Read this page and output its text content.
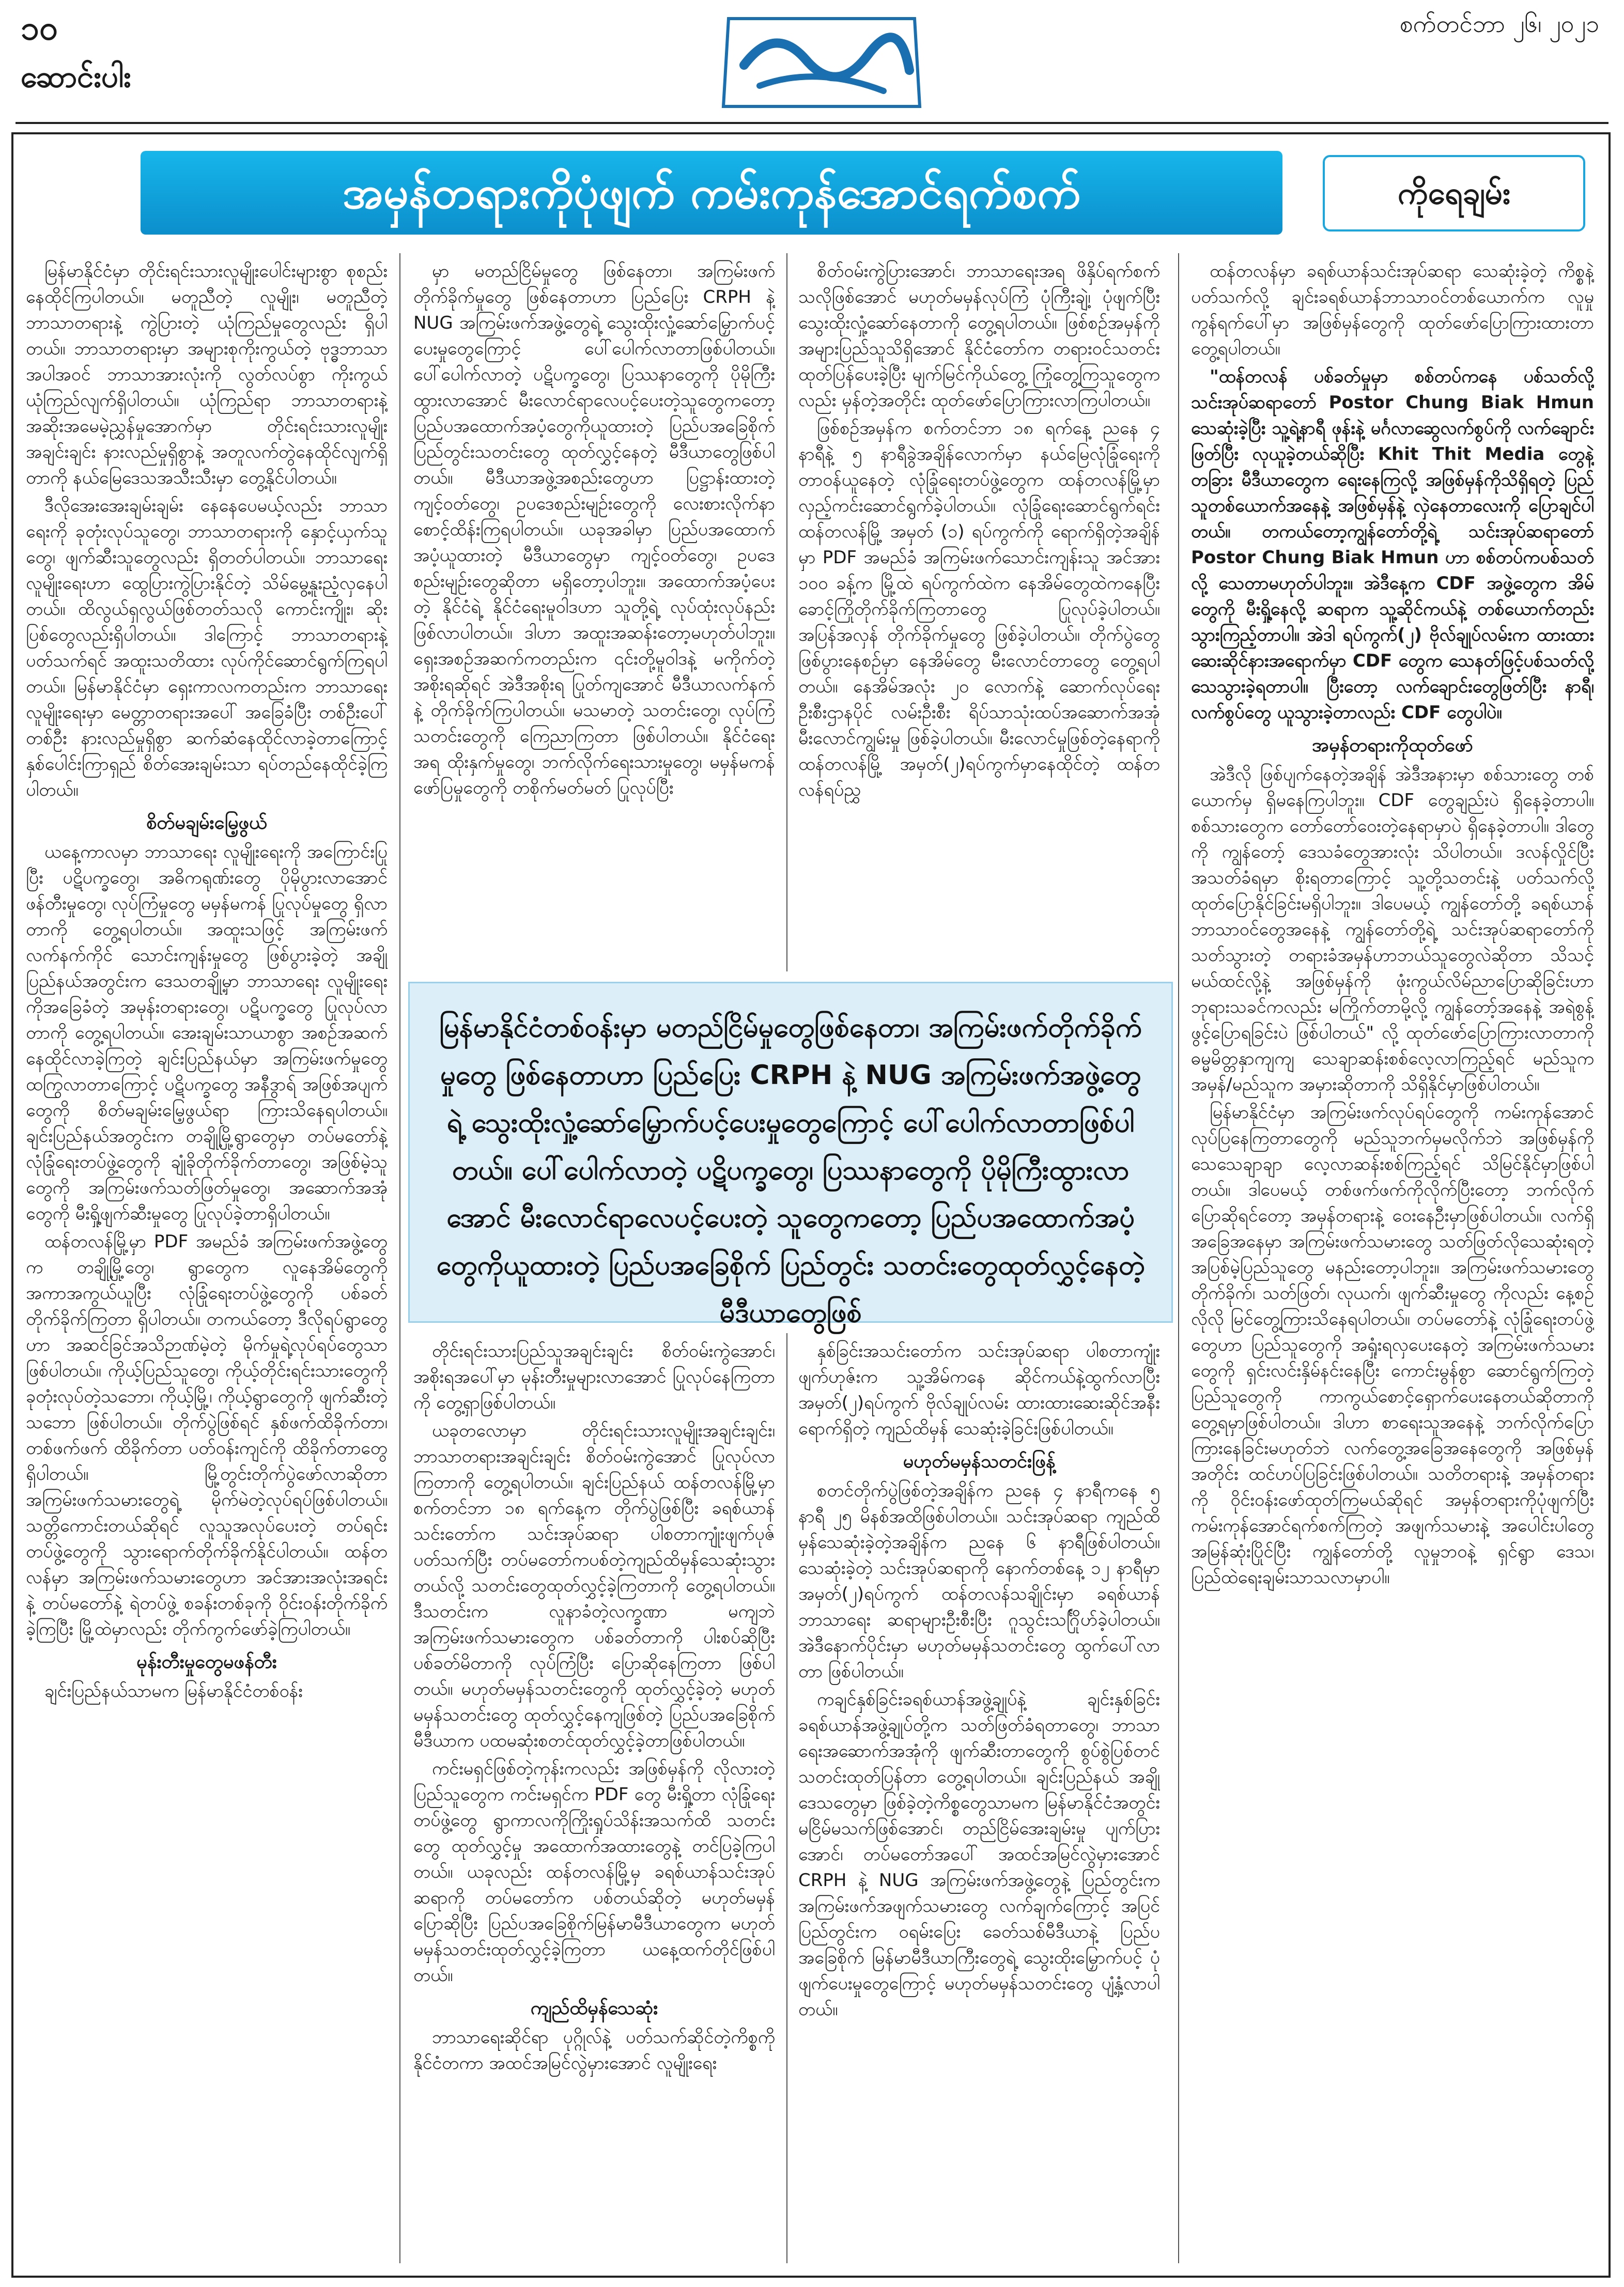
၁၀
ဆောင်းပါး
စက်တင်ဘာ ၂၆၊ ၂၀၂၁
အမှန်တရားကိုပုံဖျက် ကမ်းကုန်အောင်ရက်စက်	ကိုရေချမ်း

မြန်မာနိုင်ငံမှာ တိုင်းရင်းသားလူမျိုးပေါင်းများစွာ စုစည်းနေထိုင်ကြပါတယ်။ မတူညီတဲ့ လူမျိုး၊ မတူညီတဲ့ ဘာသာတရားနဲ့ ကွဲပြားတဲ့ ယုံကြည်မှုတွေလည်း ရှိပါတယ်။ ဘာသာတရားမှာ အများစုကိုးကွယ်တဲ့ ဗုဒ္ဓဘာသာအပါအဝင် ဘာသာအားလုံးကို လွတ်လပ်စွာ ကိုးကွယ်ယုံကြည်လျက်ရှိပါတယ်။ ယုံကြည်ရာ ဘာသာတရားနဲ့ အဆိုးအမေမဲ့ညွှန်မှုအောက်မှာ တိုင်းရင်းသားလူမျိုးအချင်းချင်း နားလည်မှုရှိစွာနဲ့ အတူလက်တွဲနေထိုင်လျက်ရှိတာကို နယ်မြေဒေသအသီးသီးမှာ တွေ့နိုင်ပါတယ်။

ဒီလိုအေးအေးချမ်းချမ်း နေနေပေမယ့်လည်း ဘာသာရေးကို ခုတုံးလုပ်သူတွေ၊ ဘာသာတရားကို နှောင့်ယှက်သူတွေ၊ ဖျက်ဆီးသူတွေလည်း ရှိတတ်ပါတယ်။ ဘာသာရေး လူမျိုးရေးဟာ ထွေပြားကွဲပြားနိုင်တဲ့ သိမ်မွေ့နူးညံ့လှနေပါတယ်။ ထိလွယ်ရှလွယ်ဖြစ်တတ်သလို ကောင်းကျိုး၊ ဆိုးပြစ်တွေလည်းရှိပါတယ်။ ဒါကြောင့် ဘာသာတရားနဲ့ ပတ်သက်ရင် အထူးသတိထား လုပ်ကိုင်ဆောင်ရွက်ကြရပါတယ်။ မြန်မာနိုင်ငံမှာ ရှေးကာလကတည်းက ဘာသာရေး လူမျိုးရေးမှာ မေတ္တာတရားအပေါ် အခြေခံပြီး တစ်ဦးပေါ်တစ်ဦး နားလည်မှုရှိစွာ ဆက်ဆံနေထိုင်လာခဲ့တာကြောင့် နှစ်ပေါင်းကြာရှည် စိတ်အေးချမ်းသာ ရပ်တည်နေထိုင်ခဲ့ကြပါတယ်။

စိတ်မချမ်းမြေ့ဖွယ်

ယနေ့ကာလမှာ ဘာသာရေး လူမျိုးရေးကို အကြောင်းပြုပြီး ပဋိပက္ခတွေ၊ အဓိကရုဏ်းတွေ ပိုမိုပွားလာအောင် ဖန်တီးမှုတွေ၊ လုပ်ကြံမှုတွေ မမှန်မကန် ပြုလုပ်မှုတွေ ရှိလာတာကို တွေ့ရပါတယ်။ အထူးသဖြင့် အကြမ်းဖက်လက်နက်ကိုင် သောင်းကျန်းမှုတွေ ဖြစ်ပွားခဲ့တဲ့ အချို့ပြည်နယ်အတွင်းက ဒေသတချို့မှာ ဘာသာရေး လူမျိုးရေးကိုအခြေခံတဲ့ အမုန်းတရားတွေ၊ ပဋိပက္ခတွေ ပြုလုပ်လာတာကို တွေ့ရပါတယ်။ အေးချမ်းသာယာစွာ အစဉ်အဆက် နေထိုင်လာခဲ့ကြတဲ့ ချင်းပြည်နယ်မှာ အကြမ်းဖက်မှုတွေ ထကြွလာတာကြောင့် ပဋိပက္ခတွေ အနီဒွာရ် အဖြစ်အပျက်တွေကို စိတ်မချမ်းမြေ့ဖွယ်ရာ ကြားသိနေရပါတယ်။ ချင်းပြည်နယ်အတွင်းက တချို့မြို့ရွာတွေမှာ တပ်မတော်နဲ့ လုံခြုံရေးတပ်ဖွဲ့တွေကို ချုံခိုတိုက်ခိုက်တာတွေ၊ အဖြစ်မဲ့သူတွေကို အကြမ်းဖက်သတ်ဖြတ်မှုတွေ၊ အဆောက်အအုံတွေကို မီးရှို့ဖျက်ဆီးမှုတွေ ပြုလုပ်ခဲ့တာရှိပါတယ်။

ထန်တလန်မြို့မှာ PDF အမည်ခံ အကြမ်းဖက်အဖွဲ့တွေက တချို့မြို့တွေ၊ ရွာတွေက လူနေအိမ်တွေကို အကာအကွယ်ယူပြီး လုံခြုံရေးတပ်ဖွဲ့တွေကို ပစ်ခတ်တိုက်ခိုက်ကြတာ ရှိပါတယ်။ တကယ်တော့ ဒီလိုရပ်ရွာတွေဟာ အဆင်ခြင်အသိဉာဏ်မဲ့တဲ့ မိုက်မှုရဲ့လုပ်ရပ်တွေသာ ဖြစ်ပါတယ်။ ကိုယ့်ပြည်သူတွေ၊ ကိုယ့်တိုင်းရင်းသားတွေကို ခုတုံးလုပ်တဲ့သဘော၊ ကိုယ့်မြို့၊ ကိုယ့်ရွာတွေကို ဖျက်ဆီးတဲ့သဘော ဖြစ်ပါတယ်။ တိုက်ပွဲဖြစ်ရင် နှစ်ဖက်ထိခိုက်တာ၊ တစ်ဖက်ဖက် ထိခိုက်တာ ပတ်ဝန်းကျင်ကို ထိခိုက်တာတွေ ရှိပါတယ်။ မြို့တွင်းတိုက်ပွဲဖော်လာဆိုတာ အကြမ်းဖက်သမားတွေရဲ့ မိုက်မဲတဲ့လုပ်ရပ်ဖြစ်ပါတယ်။ သတ္တိကောင်းတယ်ဆိုရင် လူသူအလုပ်ပေးတဲ့ တပ်ရင်းတပ်ဖွဲ့တွေကို သွားရောက်တိုက်ခိုက်နိုင်ပါတယ်။ ထန်တလန်မှာ အကြမ်းဖက်သမားတွေဟာ အင်အားအလုံးအရင်းနဲ့ တပ်မတော်နဲ့ ရဲတပ်ဖွဲ့ စခန်းတစ်ခုကို ဝိုင်းဝန်းတိုက်ခိုက်ခဲ့ကြပြီး မြို့ထဲမှာလည်း တိုက်ကွက်ဖော်ခဲ့ကြပါတယ်။

မုန်းတီးမှုတွေမဖန်တီး

ချင်းပြည်နယ်သာမက မြန်မာနိုင်ငံတစ်ဝန်း

မှာ မတည်ငြိမ်မှုတွေ ဖြစ်နေတာ၊ အကြမ်းဖက်တိုက်ခိုက်မှုတွေ ဖြစ်နေတာဟာ ပြည်ပြေး CRPH နဲ့ NUG အကြမ်းဖက်အဖွဲ့တွေရဲ့ သွေးထိုးလှုံ့ဆော်မြှောက်ပင့်ပေးမှုတွေကြောင့် ပေါ်ပေါက်လာတာဖြစ်ပါတယ်။ ပေါ်ပေါက်လာတဲ့ ပဋိပက္ခတွေ၊ ပြဿနာတွေကို ပိုမိုကြီးထွားလာအောင် မီးလောင်ရာလေပင့်ပေးတဲ့သူတွေကတော့ ပြည်ပအထောက်အပံ့တွေကိုယူထားတဲ့ ပြည်ပအခြေစိုက် ပြည်တွင်းသတင်းတွေ ထုတ်လွှင့်နေတဲ့ မီဒီယာတွေဖြစ်ပါတယ်။ မီဒီယာအဖွဲ့အစည်းတွေဟာ ပြဋ္ဌာန်းထားတဲ့ ကျင့်ဝတ်တွေ၊ ဥပဒေစည်းမျဉ်းတွေကို လေးစားလိုက်နာ စောင့်ထိန်းကြရပါတယ်။ ယခုအခါမှာ ပြည်ပအထောက်အပံ့ယူထားတဲ့ မီဒီယာတွေမှာ ကျင့်ဝတ်တွေ၊ ဥပဒေစည်းမျဉ်းတွေဆိုတာ မရှိတော့ပါဘူး။ အထောက်အပံ့ပေးတဲ့ နိုင်ငံရဲ့ နိုင်ငံရေးမူဝါဒဟာ သူတို့ရဲ့ လုပ်ထုံးလုပ်နည်းဖြစ်လာပါတယ်။ ဒါဟာ အထူးအဆန်းတော့မဟုတ်ပါဘူး။ ရှေးအစဉ်အဆက်ကတည်းက ၎င်းတို့မူဝါဒနဲ့ မကိုက်တဲ့ အစိုးရဆိုရင် အဲဒီအစိုးရ ပြုတ်ကျအောင် မီဒီယာလက်နက်နဲ့ တိုက်ခိုက်ကြပါတယ်။ မသမာတဲ့ သတင်းတွေ၊ လုပ်ကြံသတင်းတွေကို ကြေညာကြတာ ဖြစ်ပါတယ်။ နိုင်ငံရေးအရ ထိုးနှက်မှုတွေ၊ ဘက်လိုက်ရေးသားမှုတွေ၊ မမှန်မကန်ဖော်ပြမှုတွေကို တစိုက်မတ်မတ် ပြုလုပ်ပြီး

စိတ်ဝမ်းကွဲပြားအောင်၊ ဘာသာရေးအရ ဖိနှိပ်ရက်စက်သလိုဖြစ်အောင် မဟုတ်မမှန်လုပ်ကြံ ပုံကြီးချဲ့၊ ပုံဖျက်ပြီး သွေးထိုးလှုံ့ဆော်နေတာကို တွေ့ရပါတယ်။ ဖြစ်စဉ်အမှန်ကို အများပြည်သူသိရှိအောင် နိုင်ငံတော်က တရားဝင်သတင်းထုတ်ပြန်ပေးခဲ့ပြီး မျက်မြင်ကိုယ်တွေ့ ကြုံတွေ့ကြသူတွေကလည်း မှန်တဲ့အတိုင်း ထုတ်ဖော်ပြောကြားလာကြပါတယ်။

ဖြစ်စဉ်အမှန်က စက်တင်ဘာ ၁၈ ရက်နေ့ ညနေ ၄ နာရီနဲ့ ၅ နာရီခွဲအချိန်လောက်မှာ နယ်မြေလုံခြုံရေးကို တာဝန်ယူနေတဲ့ လုံခြုံရေးတပ်ဖွဲ့တွေက ထန်တလန်မြို့မှာ လှည့်ကင်းဆောင်ရွက်ခဲ့ပါတယ်။ လုံခြုံရေးဆောင်ရွက်ရင်း ထန်တလန်မြို့ အမှတ် (၁) ရပ်ကွက်ကို ရောက်ရှိတဲ့အချိန်မှာ PDF အမည်ခံ အကြမ်းဖက်သောင်းကျန်းသူ အင်အား ၁၀၀ ခန့်က မြို့ထဲ ရပ်ကွက်ထဲက နေအိမ်တွေထဲကနေပြီး ခောင့်ကြိုတိုက်ခိုက်ကြတာတွေ ပြုလုပ်ခဲ့ပါတယ်။ အပြန်အလှန် တိုက်ခိုက်မှုတွေ ဖြစ်ခဲ့ပါတယ်။ တိုက်ပွဲတွေဖြစ်ပွားနေစဉ်မှာ နေအိမ်တွေ မီးလောင်တာတွေ တွေ့ရပါတယ်။ နေအိမ်အလုံး ၂၀ လောက်နဲ့ ဆောက်လုပ်ရေးဦးစီးဌာနပိုင် လမ်းဦးစီး ရိပ်သာသုံးထပ်အဆောက်အအုံ မီးလောင်ကျွမ်းမှု ဖြစ်ခဲ့ပါတယ်။ မီးလောင်မှုဖြစ်တဲ့နေရာကို ထန်တလန်မြို့ အမှတ်(၂)ရပ်ကွက်မှာနေထိုင်တဲ့ ထန်တလန်ရပ်ညွှ

မြန်မာနိုင်ငံတစ်ဝန်းမှာ မတည်ငြိမ်မှုတွေဖြစ်နေတာ၊ အကြမ်းဖက်တိုက်ခိုက်မှုတွေ ဖြစ်နေတာဟာ ပြည်ပြေး CRPH နဲ့ NUG အကြမ်းဖက်အဖွဲ့တွေရဲ့ သွေးထိုးလှုံ့ဆော်မြှောက်ပင့်ပေးမှုတွေကြောင့် ပေါ်ပေါက်လာတာဖြစ်ပါတယ်။ ပေါ်ပေါက်လာတဲ့ ပဋိပက္ခတွေ၊ ပြဿနာတွေကို ပိုမိုကြီးထွားလာအောင် မီးလောင်ရာလေပင့်ပေးတဲ့ သူတွေကတော့ ပြည်ပအထောက်အပံ့တွေကိုယူထားတဲ့ ပြည်ပအခြေစိုက် ပြည်တွင်း သတင်းတွေထုတ်လွှင့်နေတဲ့ မီဒီယာတွေဖြစ်

တိုင်းရင်းသားပြည်သူအချင်းချင်း စိတ်ဝမ်းကွဲအောင်၊ အစိုးရအပေါ်မှာ မုန်းတီးမှုများလာအောင် ပြုလုပ်နေကြတာကို တွေ့ရှာဖြစ်ပါတယ်။

ယခုတလောမှာ တိုင်းရင်းသားလူမျိုးအချင်းချင်း၊ ဘာသာတရားအချင်းချင်း စိတ်ဝမ်းကွဲအောင် ပြုလုပ်လာကြတာကို တွေ့ရပါတယ်။ ချင်းပြည်နယ် ထန်တလန်မြို့မှာ စက်တင်ဘာ ၁၈ ရက်နေ့က တိုက်ပွဲဖြစ်ပြီး ခရစ်ယာန်သင်းတော်က သင်းအုပ်ဆရာ ပါစတာကျုံးဖျက်ပုဇ်ပတ်သက်ပြီး တပ်မတော်ကပစ်တဲ့ကျည်ထိမှန်သေဆုံးသွားတယ်လို့ သတင်းတွေထုတ်လွှင့်ခဲ့ကြတာကို တွေ့ရပါတယ်။ ဒီသတင်းက လူနာခံတဲ့လက္ခဏာ မကျဘဲ အကြမ်းဖက်သမားတွေက ပစ်ခတ်တာကို ပါးစပ်ဆိုပြီး ပစ်ခတ်မိတာကို လုပ်ကြံပြီး ပြောဆိုနေကြတာ ဖြစ်ပါတယ်။ မဟုတ်မမှန်သတင်းတွေကို ထုတ်လွှင့်ခဲ့တဲ့ မဟုတ်မမှန်သတင်းတွေ ထုတ်လွှင့်နေကျဖြစ်တဲ့ ပြည်ပအခြေစိုက်မီဒီယာက ပထမဆုံးစတင်ထုတ်လွှင့်ခဲ့တာဖြစ်ပါတယ်။

ကင်းမရှင်ဖြစ်တဲ့ကုန်းကလည်း အဖြစ်မှန်ကို လိုလားတဲ့ပြည်သူတွေက ကင်းမရှင်က PDF တွေ မီးရှို့တာ လုံခြုံရေးတပ်ဖွဲ့တွေ ရွာကာလကိုကြိုးရှုပ်သိန်းအသက်ထိ သတင်းတွေ ထုတ်လွှင့်မှု အထောက်အထားတွေနဲ့ တင်ပြခဲ့ကြပါတယ်။ ယခုလည်း ထန်တလန်မြို့မှ ခရစ်ယာန်သင်းအုပ်ဆရာကို တပ်မတော်က ပစ်တယ်ဆိုတဲ့ မဟုတ်မမှန် ပြောဆိုပြီး ပြည်ပအခြေစိုက်မြန်မာမီဒီယာတွေက မဟုတ်မမှန်သတင်းထုတ်လွှင့်ခဲ့ကြတာ ယနေ့ထက်တိုင်ဖြစ်ပါတယ်။

ကျည်ထိမှန်သေဆုံး

ဘာသာရေးဆိုင်ရာ ပုဂ္ဂိုလ်နဲ့ ပတ်သက်ဆိုင်တဲ့ကိစ္စကို နိုင်ငံတကာ အထင်အမြင်လွဲမှားအောင် လူမျိုးရေး

နှစ်ခြင်းအသင်းတော်က သင်းအုပ်ဆရာ ပါစတာကျုံးဖျက်ဟုဇ်းက သူ့အိမ်ကနေ ဆိုင်ကယ်နဲ့ထွက်လာပြီး အမှတ်(၂)ရပ်ကွက် ဗိုလ်ချုပ်လမ်း ထားထားဆေးဆိုင်အနီး ရောက်ရှိတဲ့ ကျည်ထိမှန် သေဆုံးခဲ့ခြင်းဖြစ်ပါတယ်။

မဟုတ်မမှန်သတင်းဖြန့်

စတင်တိုက်ပွဲဖြစ်တဲ့အချိန်က ညနေ ၄ နာရီကနေ ၅ နာရီ ၂၅ မိနစ်အထိဖြစ်ပါတယ်။ သင်းအုပ်ဆရာ ကျည်ထိမှန်သေဆုံးခဲ့တဲ့အချိန်က ညနေ ၆ နာရီဖြစ်ပါတယ်။ သေဆုံးခဲ့တဲ့ သင်းအုပ်ဆရာကို နောက်တစ်နေ့ ၁၂ နာရီမှာ အမှတ်(၂)ရပ်ကွက် ထန်တလန်သချိုင်းမှာ ခရစ်ယာန်ဘာသာရေး ဆရာများဦးစီးပြီး ဂူသွင်းသင်္ဂြိုဟ်ခဲ့ပါတယ်။ အဲဒီနောက်ပိုင်းမှာ မဟုတ်မမှန်သတင်းတွေ ထွက်ပေါ်လာတာ ဖြစ်ပါတယ်။

ကချင်နှစ်ခြင်းခရစ်ယာန်အဖွဲ့ချုပ်နဲ့ ချင်းနှစ်ခြင်းခရစ်ယာန်အဖွဲ့ချုပ်တို့က သတ်ဖြတ်ခံရတာတွေ၊ ဘာသာရေးအဆောက်အအုံကို ဖျက်ဆီးတာတွေကို စွပ်စွဲပြစ်တင် သတင်းထုတ်ပြန်တာ တွေ့ရပါတယ်။ ချင်းပြည်နယ် အချို့ဒေသတွေမှာ ဖြစ်ခဲ့တဲ့ကိစ္စတွေသာမက မြန်မာနိုင်ငံအတွင်း မငြိမ်မသက်ဖြစ်အောင်၊ တည်ငြိမ်အေးချမ်းမှု ပျက်ပြားအောင်၊ တပ်မတော်အပေါ် အထင်အမြင်လွဲမှားအောင် CRPH နဲ့ NUG အကြမ်းဖက်အဖွဲ့တွေနဲ့ ပြည်တွင်းက အကြမ်းဖက်အဖျက်သမားတွေ လက်ချက်ကြောင့် အပြင် ပြည်တွင်းက ဝရမ်းပြေး ခေတ်သစ်မီဒီယာနဲ့ ပြည်ပအခြေစိုက် မြန်မာမီဒီယာကြီးတွေရဲ့ သွေးထိုးမြှောက်ပင့် ပုံဖျက်ပေးမှုတွေကြောင့် မဟုတ်မမှန်သတင်းတွေ ပျံ့နှံ့လာပါတယ်။

ထန်တလန်မှာ ခရစ်ယာန်သင်းအုပ်ဆရာ သေဆုံးခဲ့တဲ့ ကိစ္စနဲ့ပတ်သက်လို့ ချင်းခရစ်ယာန်ဘာသာဝင်တစ်ယောက်က လူမှုကွန်ရက်ပေါ်မှာ အဖြစ်မှန်တွေကို ထုတ်ဖော်ပြောကြားထားတာ တွေ့ရပါတယ်။

"ထန်တလန် ပစ်ခတ်မှုမှာ စစ်တပ်ကနေ ပစ်သတ်လို့ သင်းအုပ်ဆရာတော် Postor Chung Biak Hmun သေဆုံးခဲ့ပြီး သူ့ရဲ့နာရီ ဖုန်းနဲ့ မင်္ဂလာဆွေလက်စွပ်ကို လက်ချောင်းဖြတ်ပြီး လုယူခဲ့တယ်ဆိုပြီး Khit Thit Media တွေနဲ့ တခြား မီဒီယာတွေက ရေးနေကြလို့ အဖြစ်မှန်ကိုသိရှိရတဲ့ ပြည်သူတစ်ယောက်အနေနဲ့ အဖြစ်မှန်နဲ့ လှဲနေတာလေးကို ပြောချင်ပါတယ်။ တကယ်တော့ကျွန်တော်တို့ရဲ့ သင်းအုပ်ဆရာတော် Postor Chung Biak Hmun ဟာ စစ်တပ်ကပစ်သတ်လို့ သေတာမဟုတ်ပါဘူး။ အဲဒီနေ့က CDF အဖွဲ့တွေက အိမ်တွေကို မီးရှို့နေလို့ ဆရာက သူ့ဆိုင်ကယ်နဲ့ တစ်ယောက်တည်း သွားကြည့်တာပါ။ အဲဒါ ရပ်ကွက်(၂) ဗိုလ်ချုပ်လမ်းက ထားထားဆေးဆိုင်နားအရောက်မှာ CDF တွေက သေနတ်ဖြင့်ပစ်သတ်လို့ သေသွားခဲ့ရတာပါ။ ပြီးတော့ လက်ချောင်းတွေဖြတ်ပြီး နာရီ၊ လက်စွပ်တွေ ယူသွားခဲ့တာလည်း CDF တွေပါပဲ။

အမှန်တရားကိုထုတ်ဖော်

အဲဒီလို ဖြစ်ပျက်နေတဲ့အချိန် အဲဒီအနားမှာ စစ်သားတွေ တစ်ယောက်မှ ရှိမနေကြပါဘူး။ CDF တွေချည်းပဲ ရှိနေခဲ့တာပါ။ စစ်သားတွေက တော်တော်ဝေးတဲ့နေရာမှာပဲ ရှိနေခဲ့တာပါ။ ဒါတွေကို ကျွန်တော့် ဒေသခံတွေအားလုံး သိပါတယ်။ ဒလန်လှိုင်ပြီးအသတ်ခံရမှာ စိုးရတာကြောင့် သူ့တို့သတင်းနဲ့ ပတ်သက်လို့ ထုတ်ပြောနိုင်ခြင်းမရှိပါဘူး။ ဒါပေမယ့် ကျွန်တော်တို့ ခရစ်ယာန်ဘာသာဝင်တွေအနေနဲ့ ကျွန်တော်တို့ရဲ့ သင်းအုပ်ဆရာတော်ကို သတ်သွားတဲ့ တရားခံအမှန်ဟာဘယ်သူတွေလဲဆိုတာ သိသင့်မယ်ထင်လို့နဲ့ အဖြစ်မှန်ကို ဖုံးကွယ်လိမ်ညာပြောဆိုခြင်းဟာ ဘုရားသခင်ကလည်း မကြိုက်တာမို့လို့ ကျွန်တော့်အနေနဲ့ အရဲစွန့်ဖွင့်ပြောရခြင်းပဲ ဖြစ်ပါတယ်" လို့ ထုတ်ဖော်ပြောကြားလာတာကို ဓမ္မမိတ္တနှာကျကျ သေချာဆန်းစစ်လေ့လာကြည့်ရင် မည်သူက အမှန်/မည်သူက အမှားဆိုတာကို သိရှိနိုင်မှာဖြစ်ပါတယ်။

မြန်မာနိုင်ငံမှာ အကြမ်းဖက်လုပ်ရပ်တွေကို ကမ်းကုန်အောင် လုပ်ပြနေကြတာတွေကို မည်သူဘက်မှမလိုက်ဘဲ အဖြစ်မှန်ကို သေသေချာချာ လေ့လာဆန်းစစ်ကြည့်ရင် သိမြင်နိုင်မှာဖြစ်ပါတယ်။ ဒါပေမယ့် တစ်ဖက်ဖက်ကိုလိုက်ပြီးတော့ ဘက်လိုက်ပြောဆိုရင်တော့ အမှန်တရားနဲ့ ဝေးနေဦးမှာဖြစ်ပါတယ်။ လက်ရှိအခြေအနေမှာ အကြမ်းဖက်သမားတွေ သတ်ဖြတ်လိုသေဆုံးရတဲ့ အပြစ်မဲ့ပြည်သူတွေ မနည်းတော့ပါဘူး။ အကြမ်းဖက်သမားတွေ တိုက်ခိုက်၊ သတ်ဖြတ်၊ လုယက်၊ ဖျက်ဆီးမှုတွေ ကိုလည်း နေ့စဉ်လိုလို မြင်တွေ့ကြားသိနေရပါတယ်။ တပ်မတော်နဲ့ လုံခြုံရေးတပ်ဖွဲ့တွေဟာ ပြည်သူတွေကို အရှုံးရလှပေးနေတဲ့ အကြမ်းဖက်သမားတွေကို ရှင်းလင်းနှိမ်နင်းနေပြီး ကောင်းမွန်စွာ ဆောင်ရွက်ကြတဲ့ ပြည်သူတွေကို ကာကွယ်စောင့်ရှောက်ပေးနေတယ်ဆိုတာကို တွေ့ရမှာဖြစ်ပါတယ်။ ဒါဟာ စာရေးသူအနေနဲ့ ဘက်လိုက်ပြောကြားနေခြင်းမဟုတ်ဘဲ လက်တွေ့အခြေအနေတွေကို အဖြစ်မှန်အတိုင်း ထင်ဟပ်ပြခြင်းဖြစ်ပါတယ်။ သတိတရားနဲ့ အမှန်တရားကို ဝိုင်းဝန်းဖော်ထုတ်ကြမယ်ဆိုရင် အမှန်တရားကိုပုံဖျက်ပြီး ကမ်းကုန်အောင်ရက်စက်ကြတဲ့ အဖျက်သမားနဲ့ အပေါင်းပါတွေအမြန်ဆုံးပြိုင်ပြီး ကျွန်တော်တို့ လူမှုဘဝနဲ့ ရှင်ရွာ ဒေသ၊ ပြည်ထဲရေးချမ်းသာသလာမှာပါ။
